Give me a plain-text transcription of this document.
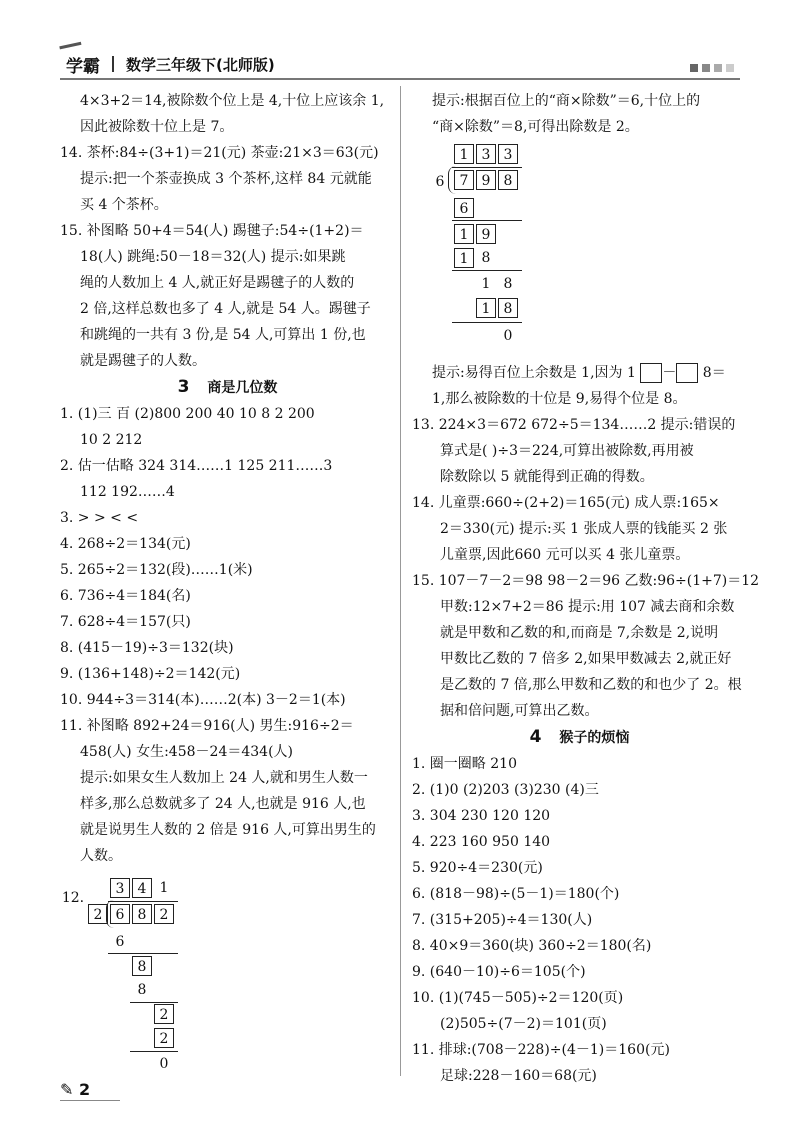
学霸 数学三年级下(北师版)

4×3+2＝14,被除数个位上是 4,十位上应该余 1,

因此被除数十位上是 7。

14. 茶杯:84÷(3+1)＝21(元) 茶壶:21×3＝63(元)

提示:把一个茶壶换成 3 个茶杯,这样 84 元就能

买 4 个茶杯。

15. 补图略 50+4＝54(人) 踢毽子:54÷(1+2)＝

18(人) 跳绳:50－18＝32(人) 提示:如果跳

绳的人数加上 4 人,就正好是踢毽子的人数的

2 倍,这样总数也多了 4 人,就是 54 人。踢毽子

和跳绳的一共有 3 份,是 54 人,可算出 1 份,也

就是踢毽子的人数。

3 商是几位数

1. (1)三 百 (2)800 200 40 10 8 2 200

10 2 212

2. 估一估略 324 314……1 125 211……3

112 192……4

3. > > < <

4. 268÷2＝134(元)

5. 265÷2＝132(段)……1(米)

6. 736÷4＝184(名)

7. 628÷4＝157(只)

8. (415－19)÷3＝132(块)

9. (136+148)÷2＝142(元)

10. 944÷3＝314(本)……2(本) 3－2＝1(本)

11. 补图略 892+24＝916(人) 男生:916÷2＝

458(人) 女生:458－24＝434(人)

提示:如果女生人数加上 24 人,就和男生人数一

样多,那么总数就多了 24 人,也就是 916 人,也

就是说男生人数的 2 倍是 916 人,可算出男生的

人数。

12.
3 4 1
2 6 8 2
6
8
8
2
2
0

提示:根据百位上的“商×除数”＝6,十位上的

“商×除数”＝8,可得出除数是 2。

1 3 3
6	7 9 8
6
1 9
1 8
1 8
1 8
0

提示:易得百位上余数是 1,因为 1 － 8＝

1,那么被除数的十位是 9,易得个位是 8。

13. 224×3＝672 672÷5＝134……2 提示:错误的

算式是( )÷3＝224,可算出被除数,再用被

除数除以 5 就能得到正确的得数。

14. 儿童票:660÷(2+2)＝165(元) 成人票:165×

2＝330(元) 提示:买 1 张成人票的钱能买 2 张

儿童票,因此660 元可以买 4 张儿童票。

15. 107－7－2＝98 98－2＝96 乙数:96÷(1+7)＝12

甲数:12×7+2＝86 提示:用 107 减去商和余数

就是甲数和乙数的和,而商是 7,余数是 2,说明

甲数比乙数的 7 倍多 2,如果甲数减去 2,就正好

是乙数的 7 倍,那么甲数和乙数的和也少了 2。根

据和倍问题,可算出乙数。

4 猴子的烦恼

1. 圈一圈略 210

2. (1)0 (2)203 (3)230 (4)三

3. 304 230 120 120

4. 223 160 950 140

5. 920÷4＝230(元)

6. (818－98)÷(5－1)＝180(个)

7. (315+205)÷4＝130(人)

8. 40×9＝360(块) 360÷2＝180(名)

9. (640－10)÷6＝105(个)

10. (1)(745－505)÷2＝120(页)

(2)505÷(7－2)＝101(页)

11. 排球:(708－228)÷(4－1)＝160(元)

足球:228－160＝68(元)

✎ 2
